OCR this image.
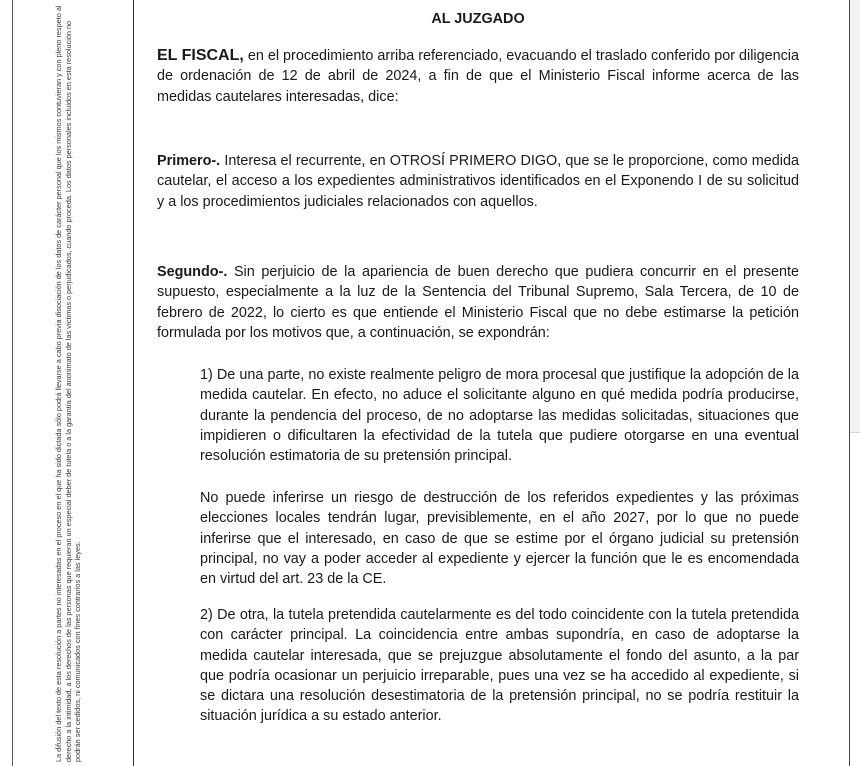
La difusión del texto de esta resolución a partes no interesadas en el proceso en el que ha sido dictada sólo podrá llevarse a cabo previa disociación de los datos de carácter personal que los mismos contuvieran y con pleno respeto al derecho a la intimidad, a los derechos de las personas que requieran un especial deber de tutela o a la garantía del anonimato de las víctimas o perjudicados, cuando proceda. Los datos personales incluidos en esta resolución no podrán ser cedidos, ni comunicados con fines contrarios a las leyes.
AL JUZGADO

EL FISCAL, en el procedimiento arriba referenciado, evacuando el traslado conferido por diligencia de ordenación de 12 de abril de 2024, a fin de que el Ministerio Fiscal informe acerca de las medidas cautelares interesadas, dice:

Primero-. Interesa el recurrente, en OTROSÍ PRIMERO DIGO, que se le proporcione, como medida cautelar, el acceso a los expedientes administrativos identificados en el Exponendo I de su solicitud y a los procedimientos judiciales relacionados con aquellos.

Segundo-. Sin perjuicio de la apariencia de buen derecho que pudiera concurrir en el presente supuesto, especialmente a la luz de la Sentencia del Tribunal Supremo, Sala Tercera, de 10 de febrero de 2022, lo cierto es que entiende el Ministerio Fiscal que no debe estimarse la petición formulada por los motivos que, a continuación, se expondrán:

1) De una parte, no existe realmente peligro de mora procesal que justifique la adopción de la medida cautelar. En efecto, no aduce el solicitante alguno en qué medida podría producirse, durante la pendencia del proceso, de no adoptarse las medidas solicitadas, situaciones que impidieren o dificultaren la efectividad de la tutela que pudiere otorgarse en una eventual resolución estimatoria de su pretensión principal.

No puede inferirse un riesgo de destrucción de los referidos expedientes y las próximas elecciones locales tendrán lugar, previsiblemente, en el año 2027, por lo que no puede inferirse que el interesado, en caso de que se estime por el órgano judicial su pretensión principal, no vay a poder acceder al expediente y ejercer la función que le es encomendada en virtud del art. 23 de la CE.

2) De otra, la tutela pretendida cautelarmente es del todo coincidente con la tutela pretendida con carácter principal. La coincidencia entre ambas supondría, en caso de adoptarse la medida cautelar interesada, que se prejuzgue absolutamente el fondo del asunto, a la par que podría ocasionar un perjuicio irreparable, pues una vez se ha accedido al expediente, si se dictara una resolución desestimatoria de la pretensión principal, no se podría restituir la situación jurídica a su estado anterior.
